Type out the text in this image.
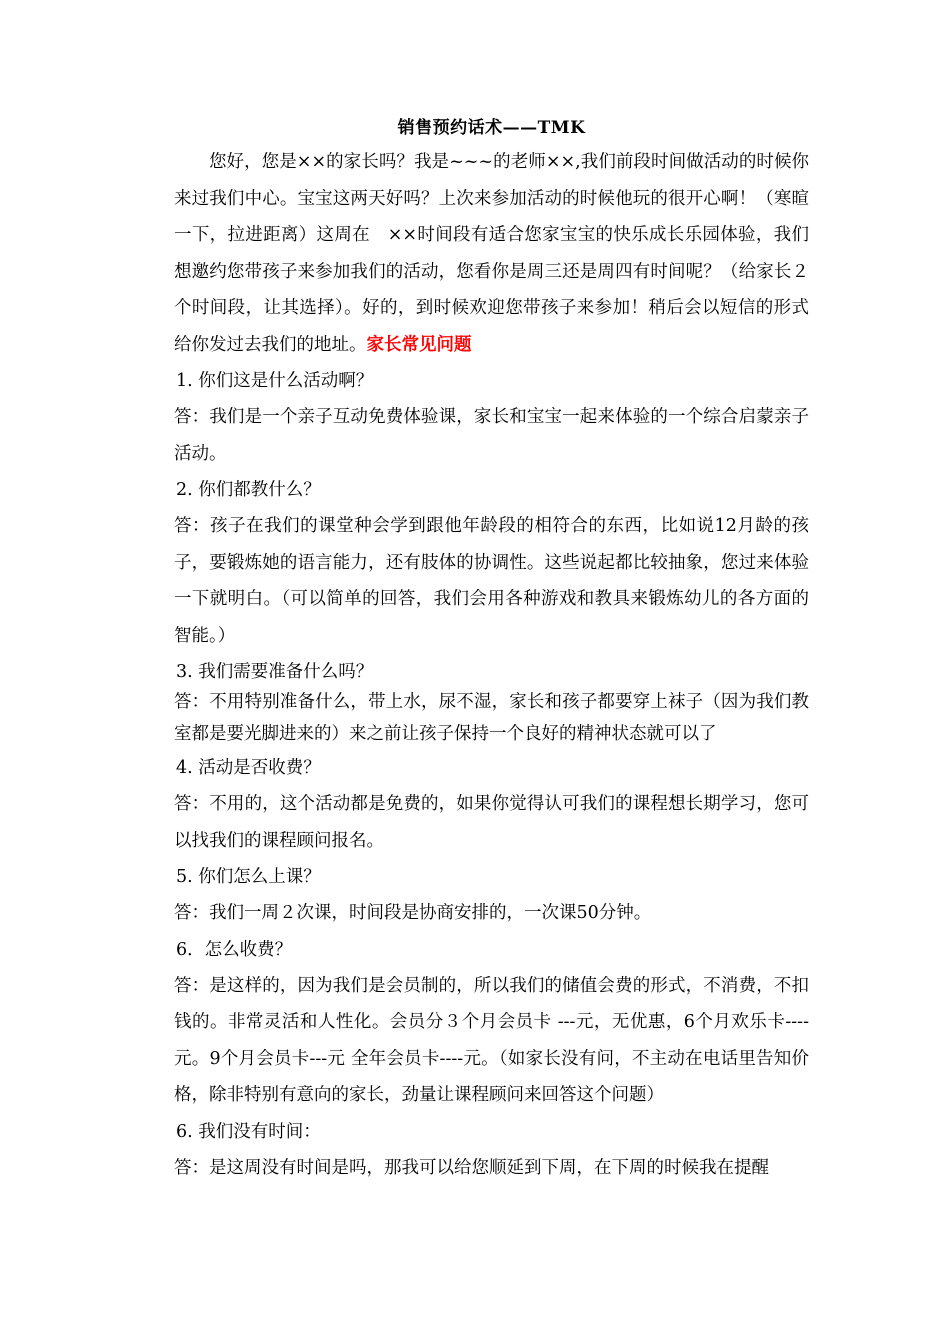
销售预约话术——TMK

您好，您是××的家长吗？我是~~~的老师××,我们前段时间做活动的时候你来过我们中心。宝宝这两天好吗？上次来参加活动的时候他玩的很开心啊！（寒暄一下，拉进距离）这周在　××时间段有适合您家宝宝的快乐成长乐园体验，我们想邀约您带孩子来参加我们的活动，您看你是周三还是周四有时间呢？（给家长２个时间段，让其选择）。好的，到时候欢迎您带孩子来参加！稍后会以短信的形式给你发过去我们的地址。家长常见问题

1. 你们这是什么活动啊？

答：我们是一个亲子互动免费体验课，家长和宝宝一起来体验的一个综合启蒙亲子活动。

2. 你们都教什么？

答：孩子在我们的课堂种会学到跟他年龄段的相符合的东西，比如说12月龄的孩子，要锻炼她的语言能力，还有肢体的协调性。这些说起都比较抽象，您过来体验一下就明白。（可以简单的回答，我们会用各种游戏和教具来锻炼幼儿的各方面的智能。）

3. 我们需要准备什么吗？

答：不用特别准备什么，带上水，尿不湿，家长和孩子都要穿上袜子（因为我们教室都是要光脚进来的）来之前让孩子保持一个良好的精神状态就可以了

4. 活动是否收费？

答：不用的，这个活动都是免费的，如果你觉得认可我们的课程想长期学习，您可以找我们的课程顾问报名。

5. 你们怎么上课？

答：我们一周２次课，时间段是协商安排的，一次课50分钟。

6．怎么收费？

答：是这样的，因为我们是会员制的，所以我们的储值会费的形式，不消费，不扣钱的。非常灵活和人性化。会员分３个月会员卡 ---元，无优惠，6个月欢乐卡----元。9个月会员卡---元 全年会员卡----元。（如家长没有问，不主动在电话里告知价格，除非特别有意向的家长，劲量让课程顾问来回答这个问题）

6. 我们没有时间：

答：是这周没有时间是吗，那我可以给您顺延到下周，在下周的时候我在提醒
